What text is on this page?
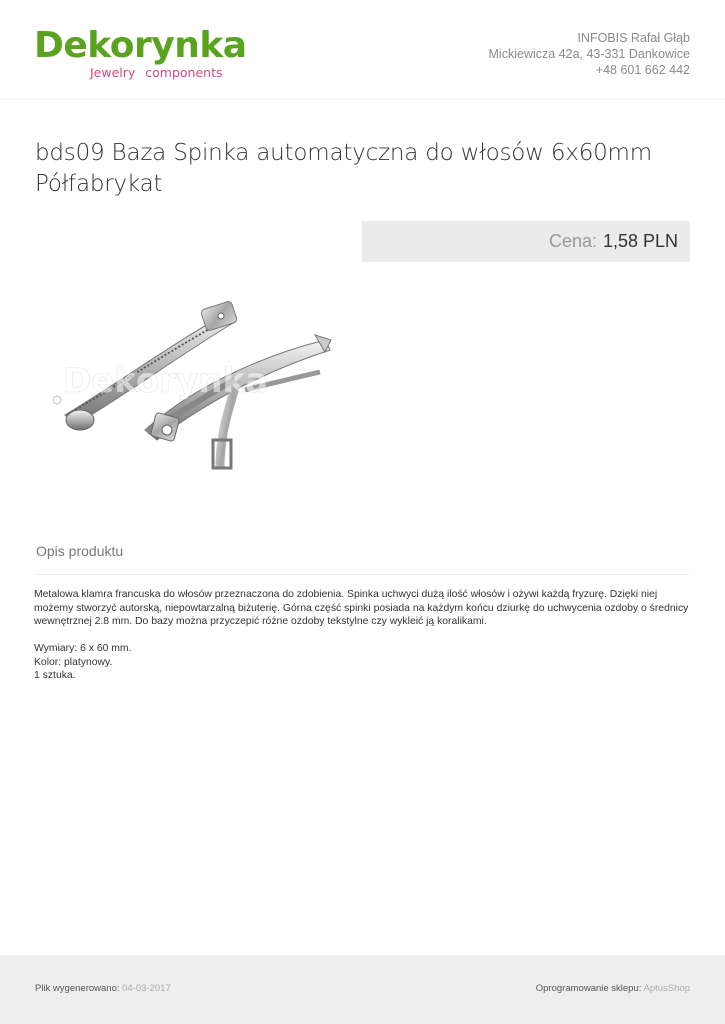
Dekorynka
Jewelry components
INFOBIS Rafał Głąb
Mickiewicza 42a, 43-331 Dankowice
+48 601 662 442
bds09 Baza Spinka automatyczna do włosów 6x60mm Półfabrykat
Cena: 1,58 PLN
Dekorynka
Opis produktu

Metalowa klamra francuska do włosów przeznaczona do zdobienia. Spinka uchwyci dużą ilość włosów i ożywi każdą fryzurę. Dzięki niej możemy stworzyć autorską, niepowtarzalną biżuterię. Górna część spinki posiada na każdym końcu dziurkę do uchwycenia ozdoby o średnicy wewnętrznej 2.8 mm. Do bazy można przyczepić różne ozdoby tekstylne czy wykleić ją koralikami.

Wymiary: 6 x 60 mm.
Kolor: platynowy.
1 sztuka.
Plik wygenerowano: 04-03-2017	Oprogramowanie sklepu: AptusShop
